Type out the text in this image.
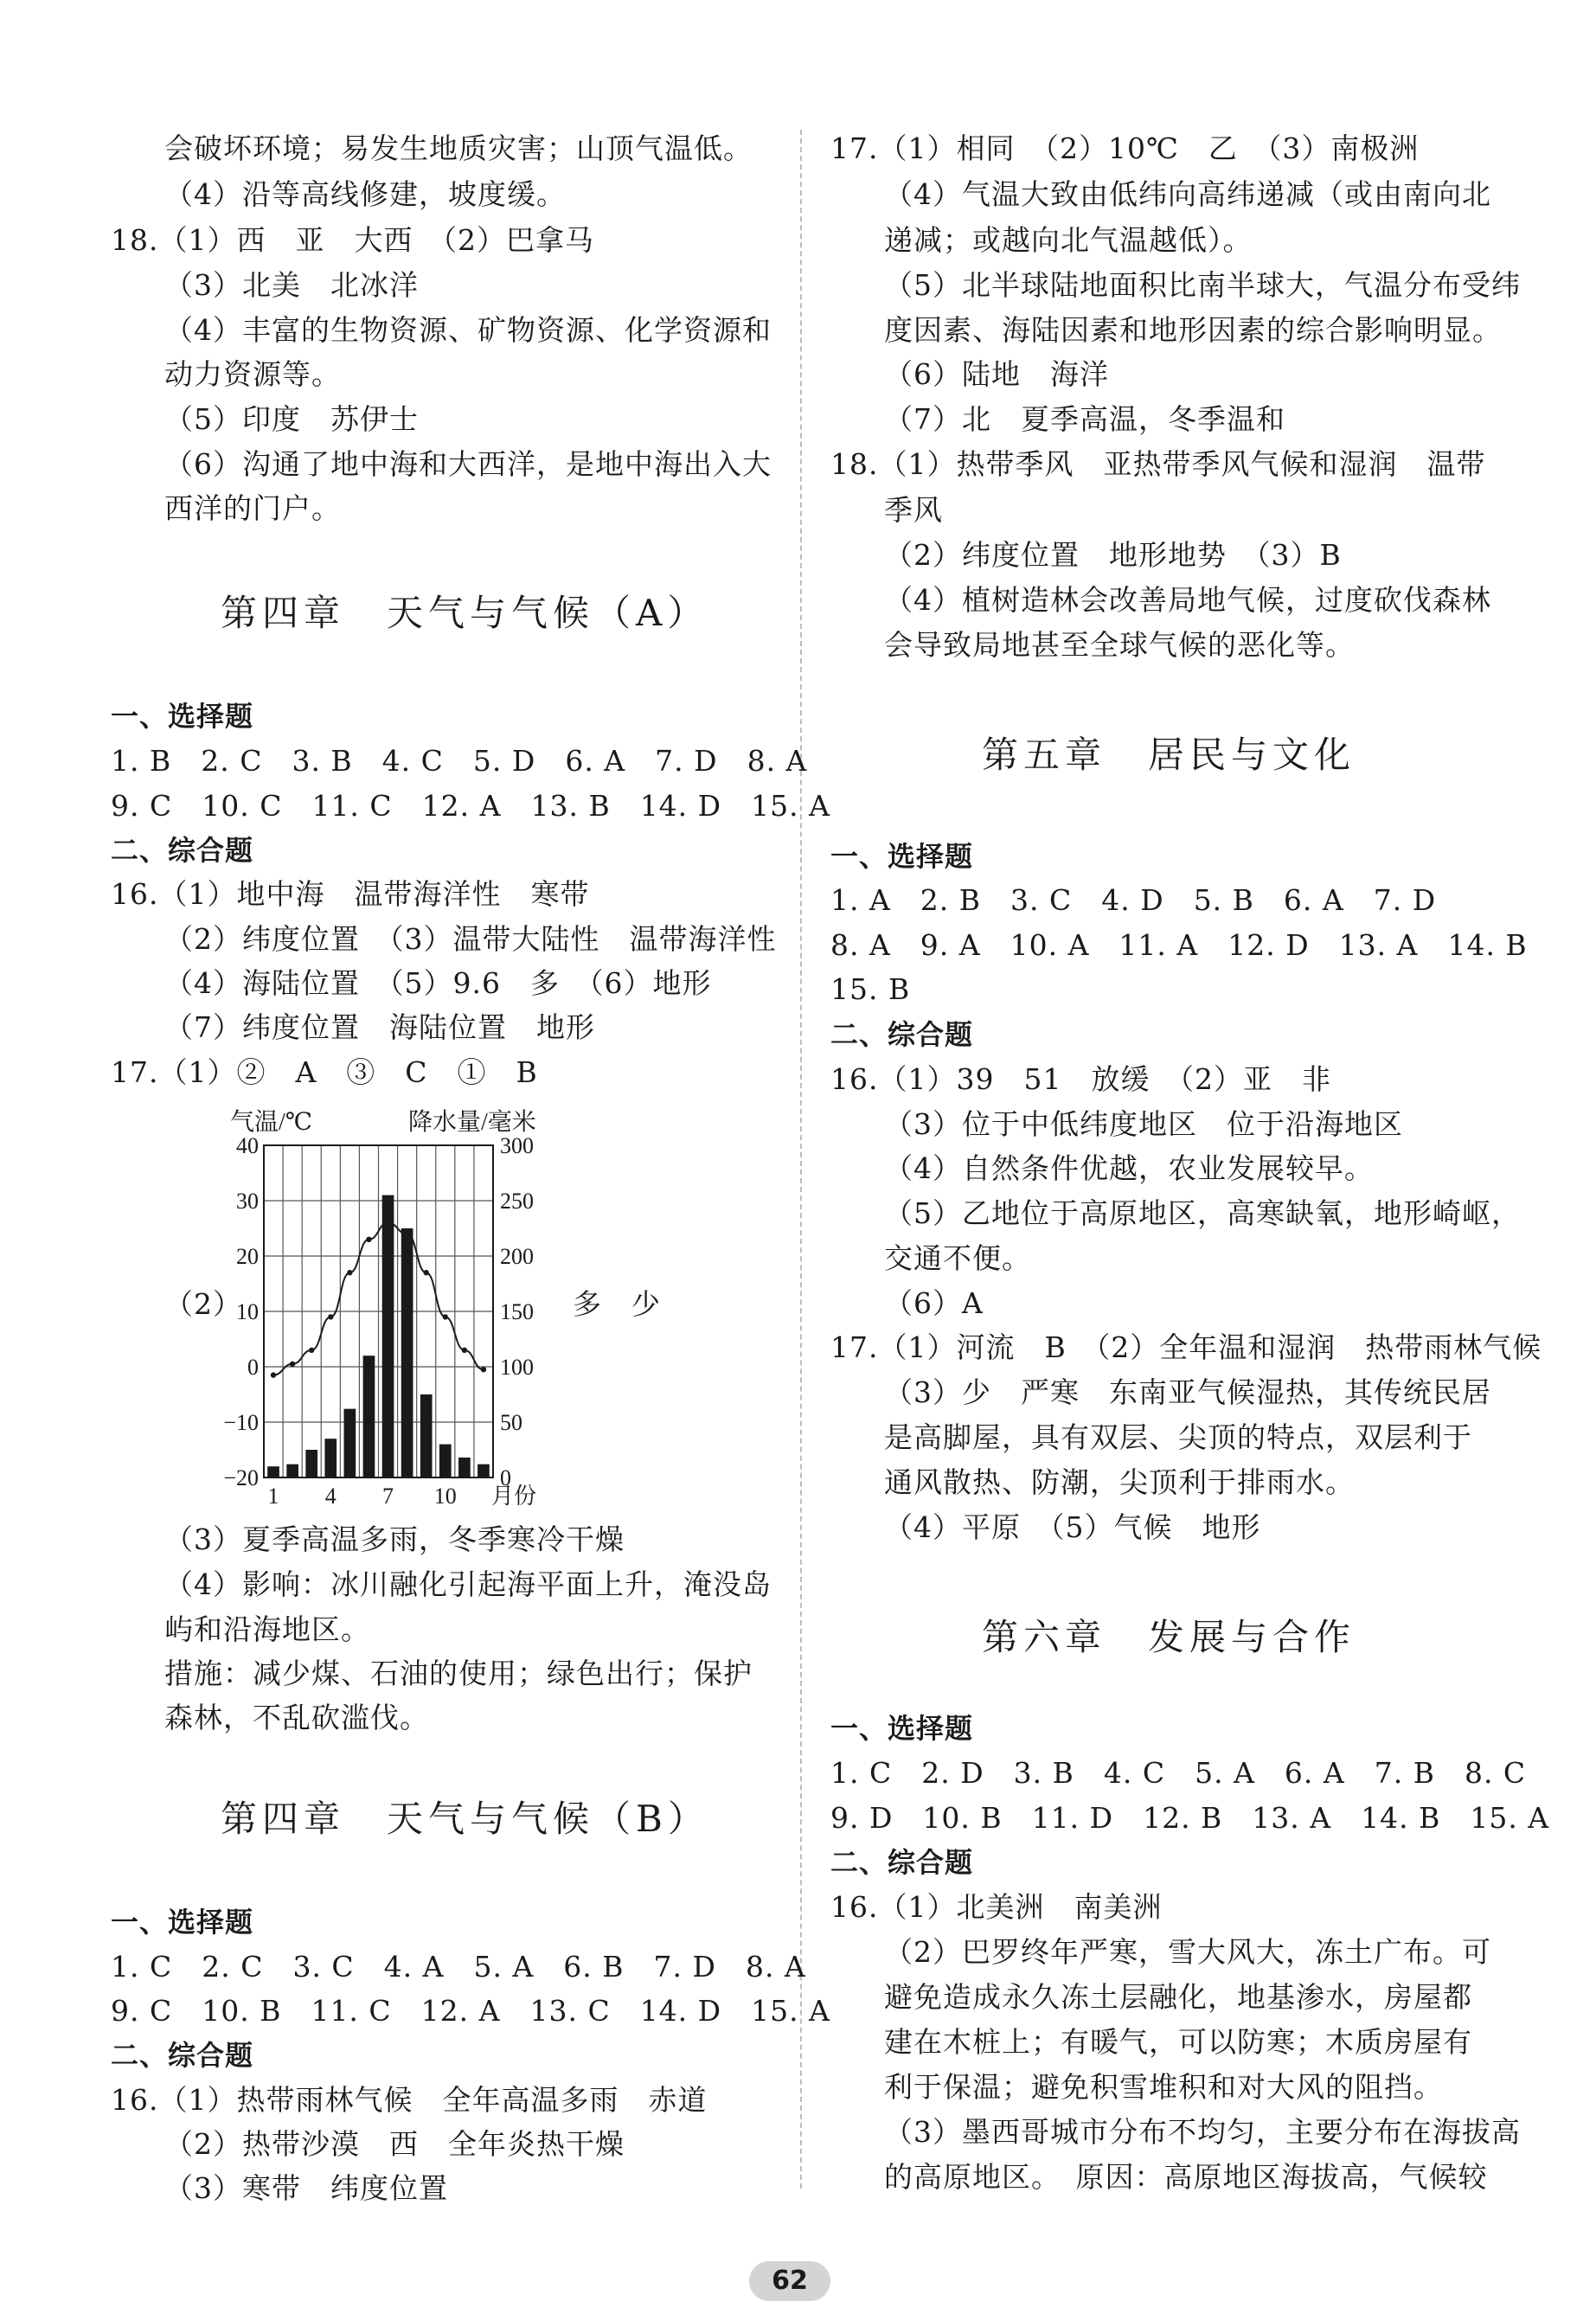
会破坏环境；易发生地质灾害；山顶气温低。
（4）沿等高线修建，坡度缓。
18.（1）西　亚　大西　（2）巴拿马
（3）北美　北冰洋
（4）丰富的生物资源、矿物资源、化学资源和
动力资源等。
（5）印度　苏伊士
（6）沟通了地中海和大西洋，是地中海出入大
西洋的门户。
第四章　天气与气候（A）
一、选择题
1. B　2. C　3. B　4. C　5. D　6. A　7. D　8. A
9. C　10. C　11. C　12. A　13. B　14. D　15. A
二、综合题
16.（1）地中海　温带海洋性　寒带
（2）纬度位置　（3）温带大陆性　温带海洋性
（4）海陆位置　（5）9.6　多　（6）地形
（7）纬度位置　海陆位置　地形
17.（1）②　A　③　C　①　B
（2）	多　少
40
30
20
10
0
−10
−20
300
250
200
150
100
50
0
1 4 7 10 月份
气温/℃	降水量/毫米
（3）夏季高温多雨，冬季寒冷干燥
（4）影响：冰川融化引起海平面上升，淹没岛
屿和沿海地区。
措施：减少煤、石油的使用；绿色出行；保护
森林，不乱砍滥伐。
第四章　天气与气候（B）
一、选择题
1. C　2. C　3. C　4. A　5. A　6. B　7. D　8. A
9. C　10. B　11. C　12. A　13. C　14. D　15. A
二、综合题
16.（1）热带雨林气候　全年高温多雨　赤道
（2）热带沙漠　西　全年炎热干燥
（3）寒带　纬度位置
17.（1）相同　（2）10℃　乙　（3）南极洲
（4）气温大致由低纬向高纬递减（或由南向北
递减；或越向北气温越低）。
（5）北半球陆地面积比南半球大，气温分布受纬
度因素、海陆因素和地形因素的综合影响明显。
（6）陆地　海洋
（7）北　夏季高温，冬季温和
18.（1）热带季风　亚热带季风气候和湿润　温带
季风
（2）纬度位置　地形地势　（3）B
（4）植树造林会改善局地气候，过度砍伐森林
会导致局地甚至全球气候的恶化等。
第五章　居民与文化
一、选择题
1. A　2. B　3. C　4. D　5. B　6. A　7. D
8. A　9. A　10. A　11. A　12. D　13. A　14. B
15. B
二、综合题
16.（1）39　51　放缓　（2）亚　非
（3）位于中低纬度地区　位于沿海地区
（4）自然条件优越，农业发展较早。
（5）乙地位于高原地区，高寒缺氧，地形崎岖，
交通不便。
（6）A
17.（1）河流　B　（2）全年温和湿润　热带雨林气候
（3）少　严寒　东南亚气候湿热，其传统民居
是高脚屋，具有双层、尖顶的特点，双层利于
通风散热、防潮，尖顶利于排雨水。
（4）平原　（5）气候　地形
第六章　发展与合作
一、选择题
1. C　2. D　3. B　4. C　5. A　6. A　7. B　8. C
9. D　10. B　11. D　12. B　13. A　14. B　15. A
二、综合题
16.（1）北美洲　南美洲
（2）巴罗终年严寒，雪大风大，冻土广布。可
避免造成永久冻土层融化，地基渗水，房屋都
建在木桩上；有暖气，可以防寒；木质房屋有
利于保温；避免积雪堆积和对大风的阻挡。
（3）墨西哥城市分布不均匀，主要分布在海拔高
的高原地区。　原因：高原地区海拔高，气候较
62
